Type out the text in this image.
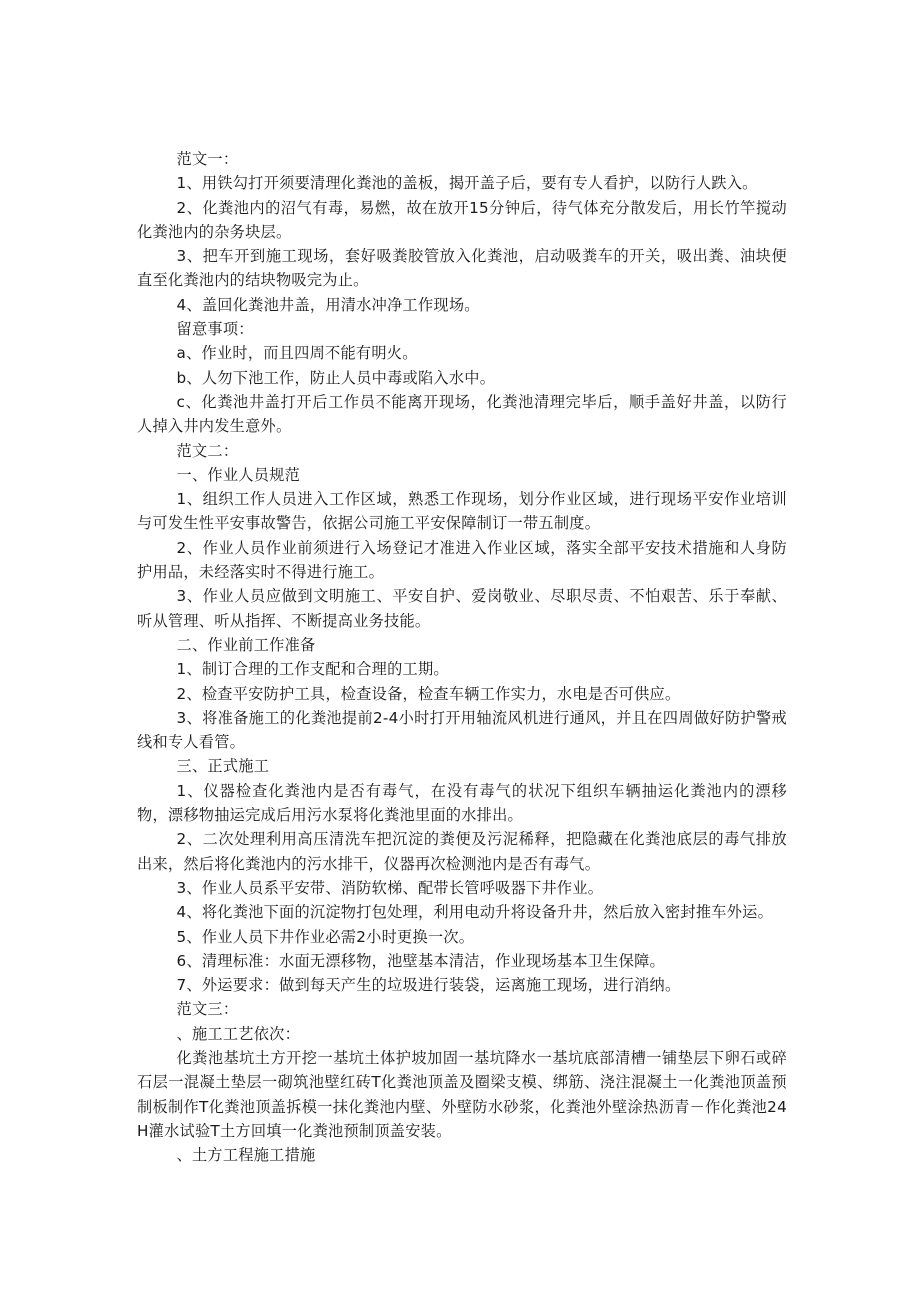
范文一：

1、用铁勾打开须要清理化粪池的盖板，揭开盖子后，要有专人看护，以防行人跌入。

2、化粪池内的沼气有毒，易燃，故在放开15分钟后，待气体充分散发后，用长竹竿搅动化粪池内的杂务块层。

3、把车开到施工现场，套好吸粪胶管放入化粪池，启动吸粪车的开关，吸出粪、油块便直至化粪池内的结块物吸完为止。

4、盖回化粪池井盖，用清水冲净工作现场。

留意事项：

a、作业时，而且四周不能有明火。

b、人勿下池工作，防止人员中毒或陷入水中。

c、化粪池井盖打开后工作员不能离开现场，化粪池清理完毕后，顺手盖好井盖，以防行人掉入井内发生意外。

范文二：

一、作业人员规范

1、组织工作人员进入工作区域，熟悉工作现场，划分作业区域，进行现场平安作业培训与可发生性平安事故警告，依据公司施工平安保障制订一带五制度。

2、作业人员作业前须进行入场登记才准进入作业区域，落实全部平安技术措施和人身防护用品，未经落实时不得进行施工。

3、作业人员应做到文明施工、平安自护、爱岗敬业、尽职尽责、不怕艰苦、乐于奉献、听从管理、听从指挥、不断提高业务技能。

二、作业前工作准备

1、制订合理的工作支配和合理的工期。

2、检查平安防护工具，检查设备，检查车辆工作实力，水电是否可供应。

3、将准备施工的化粪池提前2-4小时打开用轴流风机进行通风，并且在四周做好防护警戒线和专人看管。

三、正式施工

1、仪器检查化粪池内是否有毒气，在没有毒气的状况下组织车辆抽运化粪池内的漂移物，漂移物抽运完成后用污水泵将化粪池里面的水排出。

2、二次处理利用高压清洗车把沉淀的粪便及污泥稀释，把隐藏在化粪池底层的毒气排放出来，然后将化粪池内的污水排干，仪器再次检测池内是否有毒气。

3、作业人员系平安带、消防软梯、配带长管呼吸器下井作业。

4、将化粪池下面的沉淀物打包处理，利用电动升将设备升井，然后放入密封推车外运。

5、作业人员下井作业必需2小时更换一次。

6、清理标准：水面无漂移物，池壁基本清洁，作业现场基本卫生保障。

7、外运要求：做到每天产生的垃圾进行装袋，运离施工现场，进行消纳。

范文三：

、施工工艺依次：

化粪池基坑土方开挖一基坑土体护坡加固一基坑降水一基坑底部清槽一铺垫层下卵石或碎石层一混凝土垫层一砌筑池壁红砖T化粪池顶盖及圈梁支模、绑筋、浇注混凝土一化粪池顶盖预制板制作T化粪池顶盖拆模一抹化粪池内壁、外壁防水砂浆，化粪池外壁涂热沥青－作化粪池24H灌水试验T土方回填一化粪池预制顶盖安装。

、土方工程施工措施
